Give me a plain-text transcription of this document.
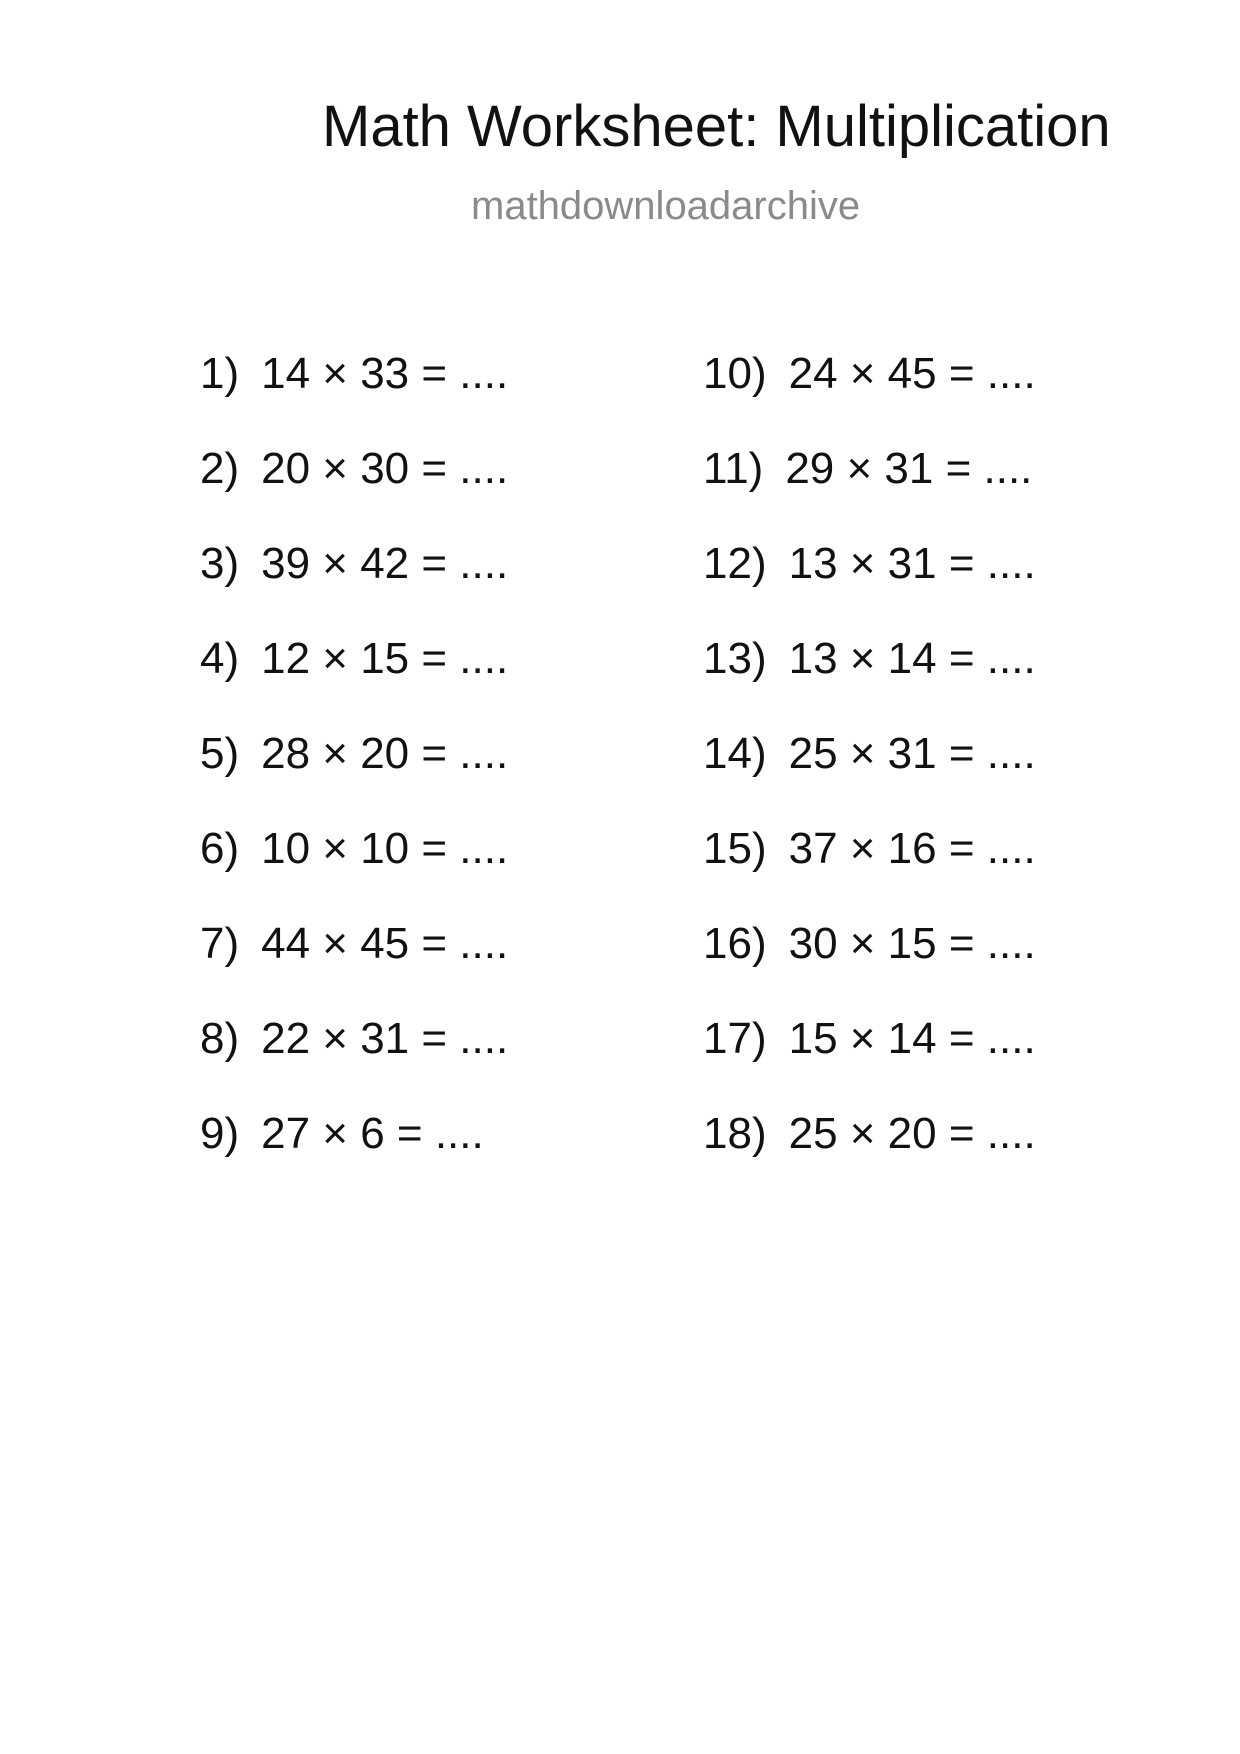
Math Worksheet: Multiplication
mathdownloadarchive
1) 14 × 33 = ....
2) 20 × 30 = ....
3) 39 × 42 = ....
4) 12 × 15 = ....
5) 28 × 20 = ....
6) 10 × 10 = ....
7) 44 × 45 = ....
8) 22 × 31 = ....
9) 27 × 6 = ....
10) 24 × 45 = ....
11) 29 × 31 = ....
12) 13 × 31 = ....
13) 13 × 14 = ....
14) 25 × 31 = ....
15) 37 × 16 = ....
16) 30 × 15 = ....
17) 15 × 14 = ....
18) 25 × 20 = ....
